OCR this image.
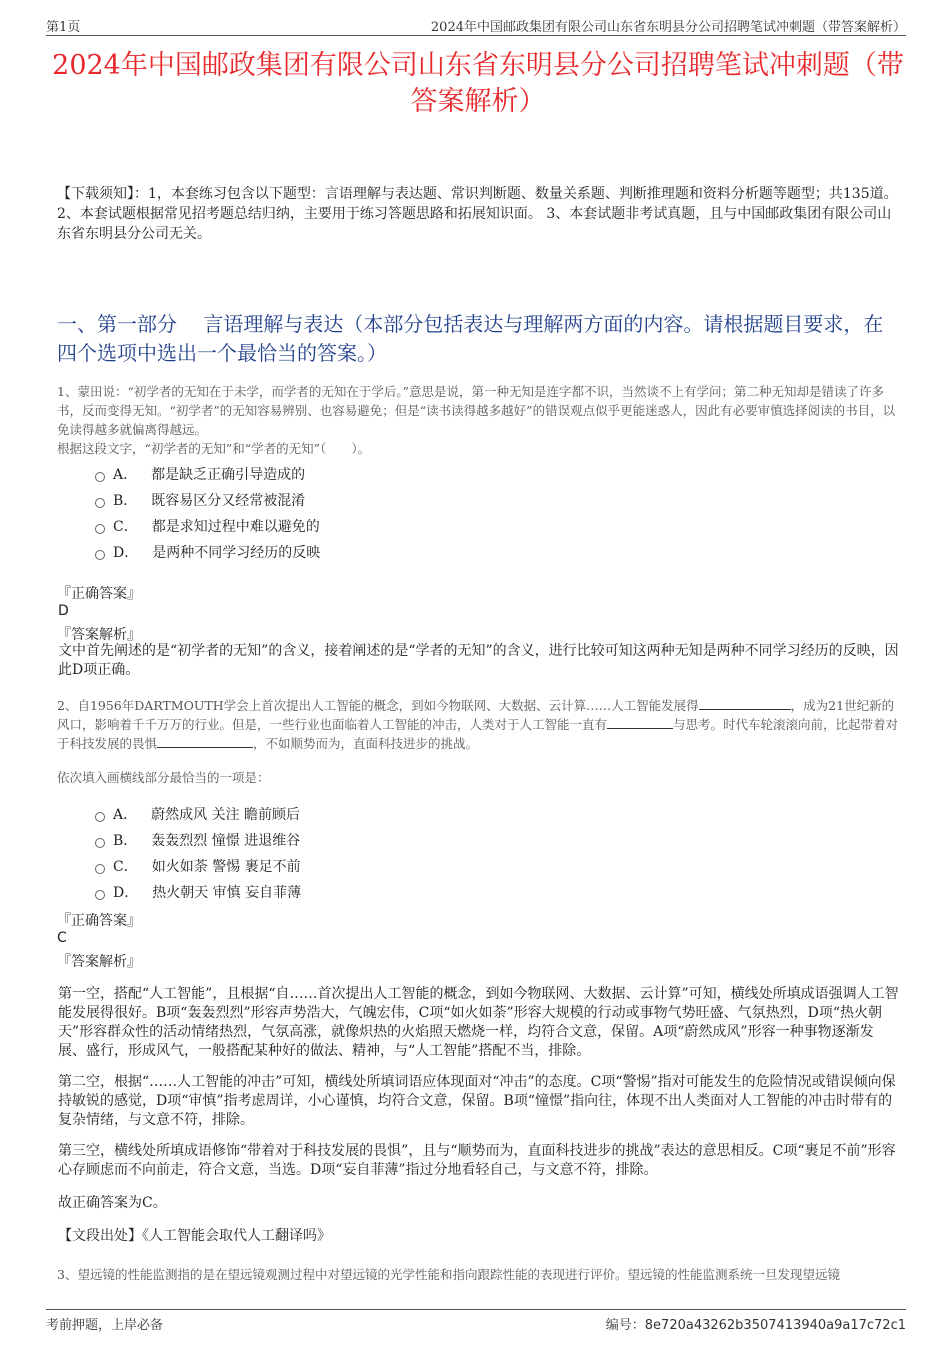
第1页	2024年中国邮政集团有限公司山东省东明县分公司招聘笔试冲刺题（带答案解析）
2024年中国邮政集团有限公司山东省东明县分公司招聘笔试冲刺题（带答案解析）

【下载须知】：1，本套练习包含以下题型：言语理解与表达题、常识判断题、数量关系题、判断推理题和资料分析题等题型；共135道。 2、本套试题根据常见招考题总结归纳，主要用于练习答题思路和拓展知识面。 3、本套试题非考试真题，且与中国邮政集团有限公司山东省东明县分公司无关。

一、第一部分　 言语理解与表达（本部分包括表达与理解两方面的内容。请根据题目要求，在四个选项中选出一个最恰当的答案。）

1、蒙田说：“初学者的无知在于未学，而学者的无知在于学后。”意思是说，第一种无知是连字都不识，当然谈不上有学问；第二种无知却是错读了许多书，反而变得无知。“初学者”的无知容易辨别、也容易避免；但是“读书读得越多越好”的错误观点似乎更能迷惑人，因此有必要审慎选择阅读的书目，以免读得越多就偏离得越远。

根据这段文字，“初学者的无知”和“学者的无知”（　　）。

A． 都是缺乏正确引导造成的
B． 既容易区分又经常被混淆
C． 都是求知过程中难以避免的
D． 是两种不同学习经历的反映
『正确答案』
D
『答案解析』

文中首先阐述的是“初学者的无知”的含义，接着阐述的是“学者的无知”的含义，进行比较可知这两种无知是两种不同学习经历的反映，因此D项正确。

2、自1956年DARTMOUTH学会上首次提出人工智能的概念，到如今物联网、大数据、云计算……人工智能发展得	，成为21世纪新的风口，影响着千千万万的行业。但是，一些行业也面临着人工智能的冲击，人类对于人工智能一直有	与思考。时代车轮滚滚向前，比起带着对于科技发展的畏惧	，不如顺势而为，直面科技进步的挑战。

依次填入画横线部分最恰当的一项是：

A． 蔚然成风 关注 瞻前顾后
B． 轰轰烈烈 憧憬 进退维谷
C． 如火如荼 警惕 裹足不前
D． 热火朝天 审慎 妄自菲薄
『正确答案』
C
『答案解析』

第一空，搭配“人工智能”，且根据“自……首次提出人工智能的概念，到如今物联网、大数据、云计算”可知，横线处所填成语强调人工智能发展得很好。B项“轰轰烈烈”形容声势浩大，气魄宏伟，C项“如火如荼”形容大规模的行动或事物气势旺盛、气氛热烈，D项“热火朝天”形容群众性的活动情绪热烈，气氛高涨，就像炽热的火焰照天燃烧一样，均符合文意，保留。A项“蔚然成风”形容一种事物逐渐发展、盛行，形成风气，一般搭配某种好的做法、精神，与“人工智能”搭配不当，排除。

第二空，根据“……人工智能的冲击”可知，横线处所填词语应体现面对“冲击”的态度。C项“警惕”指对可能发生的危险情况或错误倾向保持敏锐的感觉，D项“审慎”指考虑周详，小心谨慎，均符合文意，保留。B项“憧憬”指向往，体现不出人类面对人工智能的冲击时带有的复杂情绪，与文意不符，排除。

第三空，横线处所填成语修饰“带着对于科技发展的畏惧”，且与“顺势而为，直面科技进步的挑战”表达的意思相反。C项“裹足不前”形容心存顾虑而不向前走，符合文意，当选。D项“妄自菲薄”指过分地看轻自己，与文意不符，排除。

故正确答案为C。

【文段出处】《人工智能会取代人工翻译吗》

3、望远镜的性能监测指的是在望远镜观测过程中对望远镜的光学性能和指向跟踪性能的表现进行评价。望远镜的性能监测系统一旦发现望远镜

考前押题，上岸必备	编号：8e720a43262b3507413940a9a17c72c1
